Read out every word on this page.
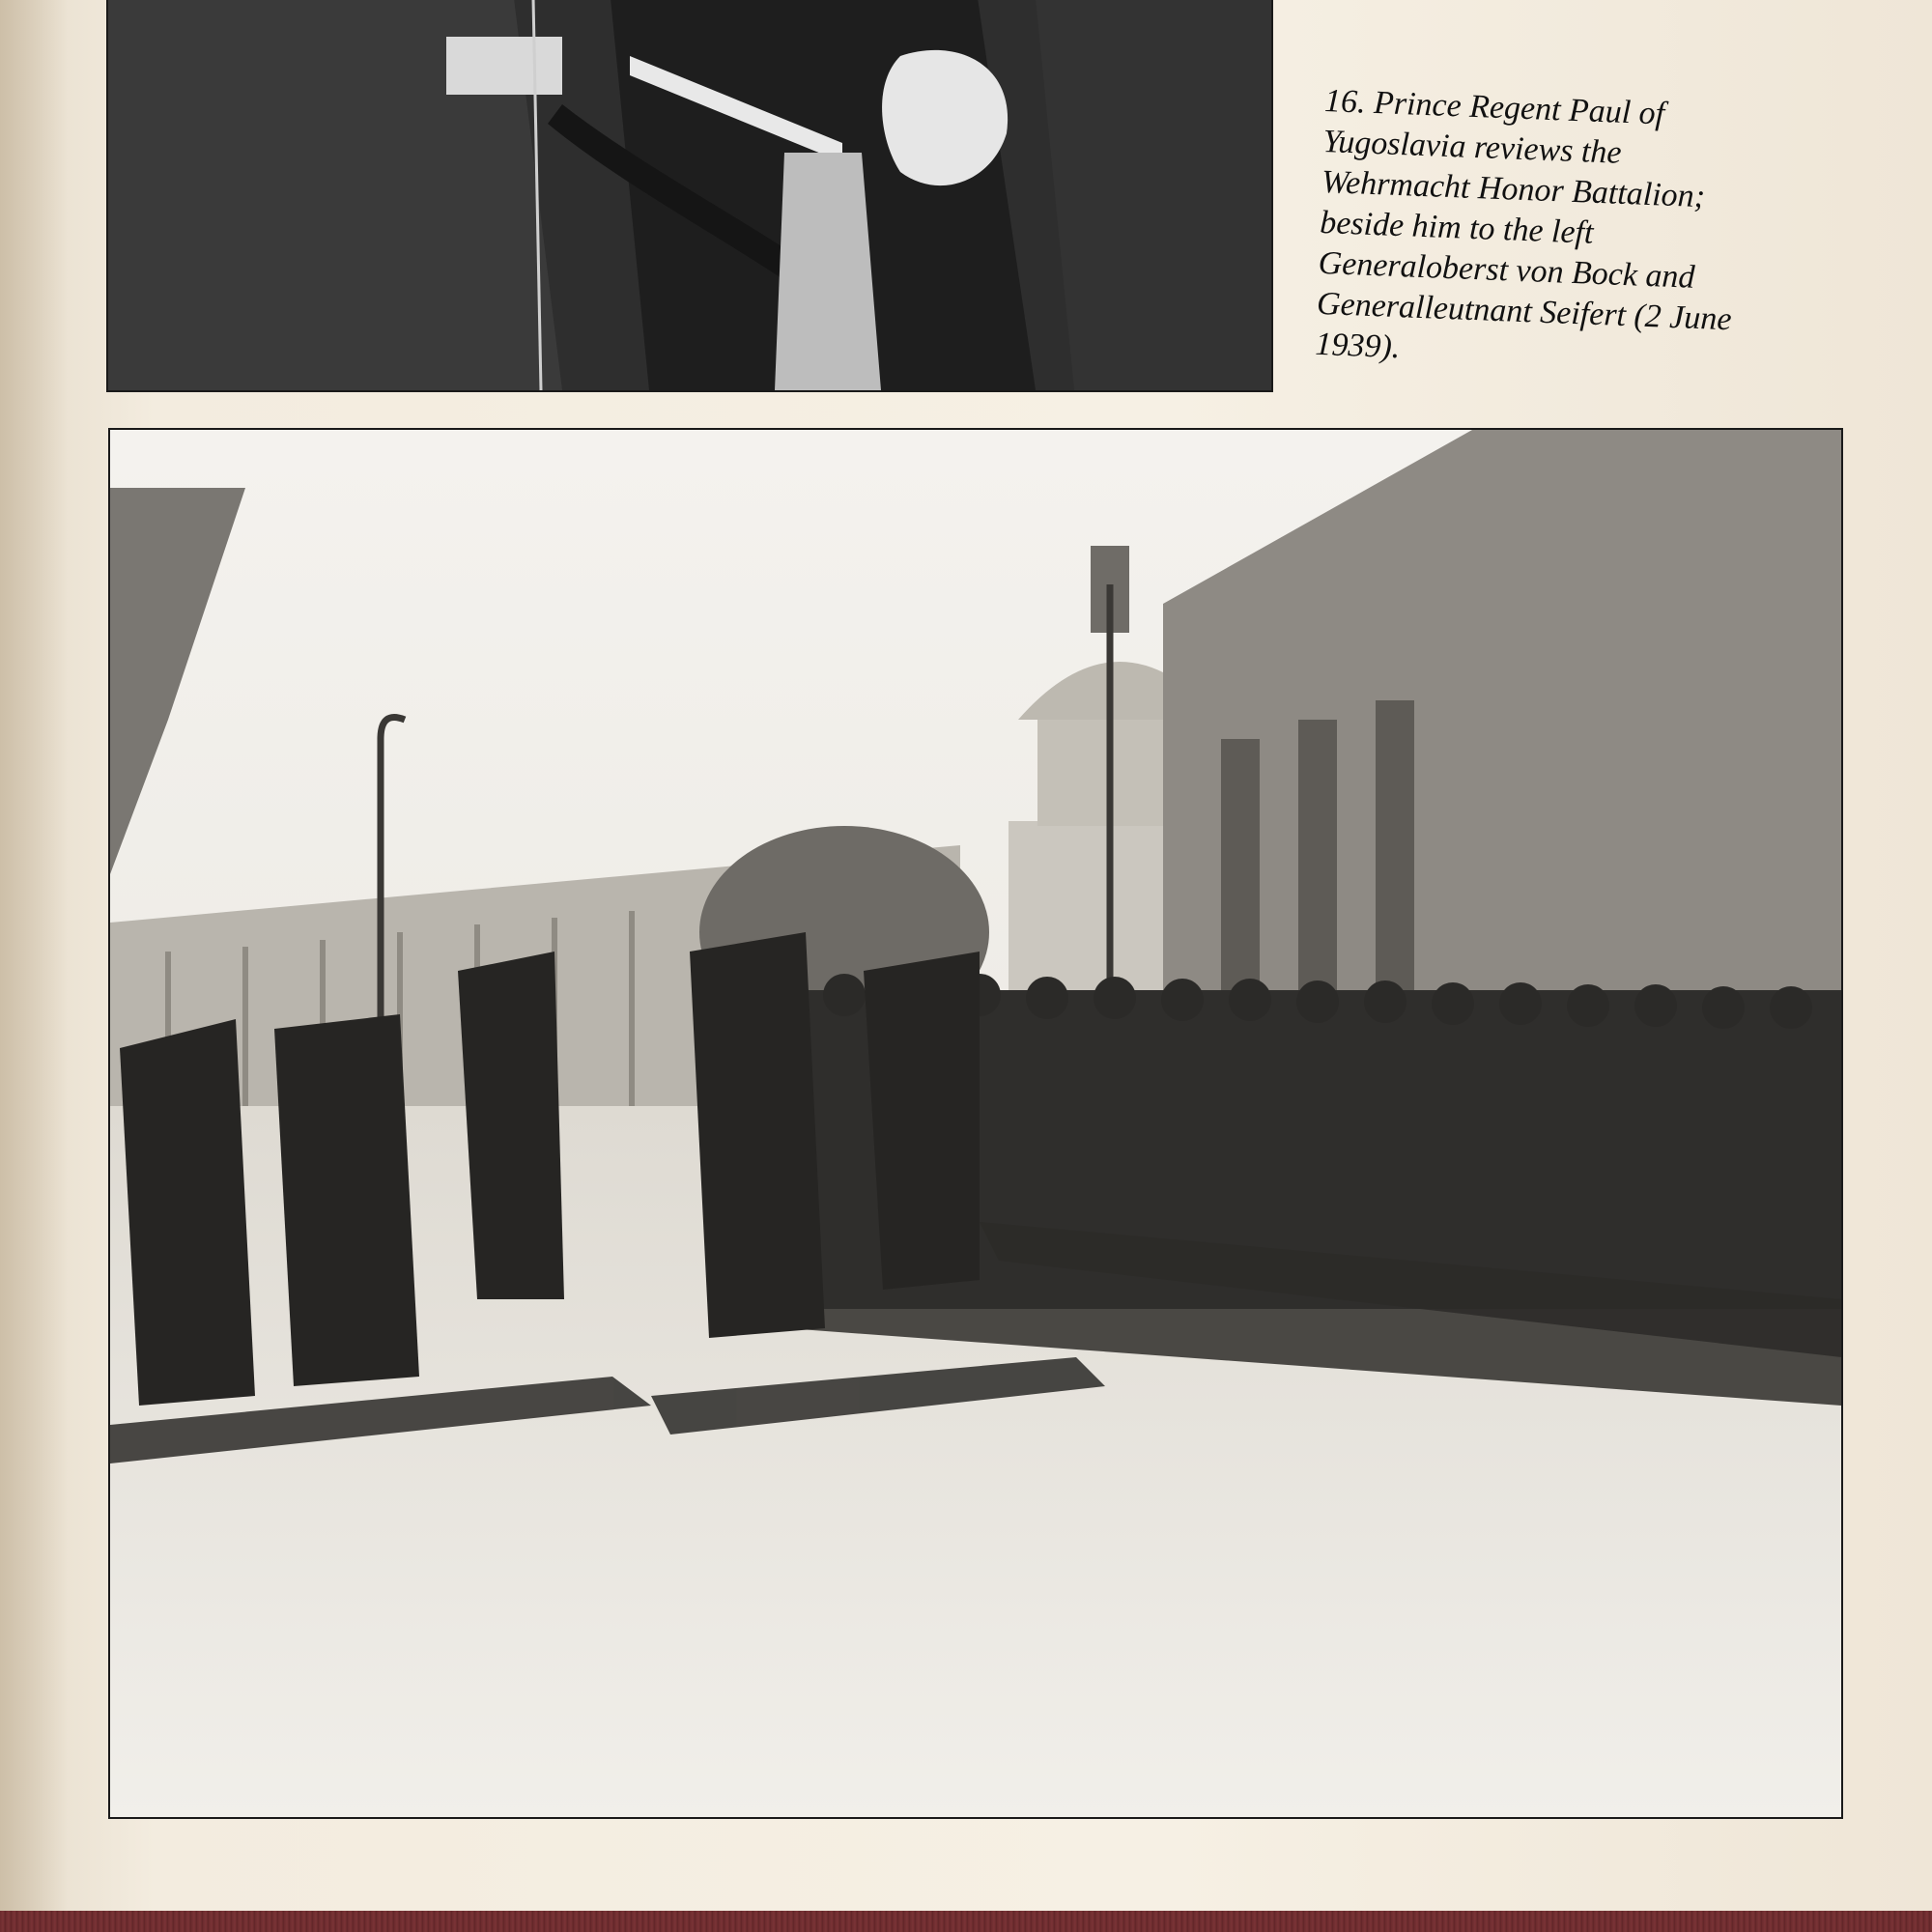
16. Prince Regent Paul of
Yugoslavia reviews the
Wehrmacht Honor Battalion;
beside him to the left
Generaloberst von Bock and
Generalleutnant Seifert (2 June
1939).
